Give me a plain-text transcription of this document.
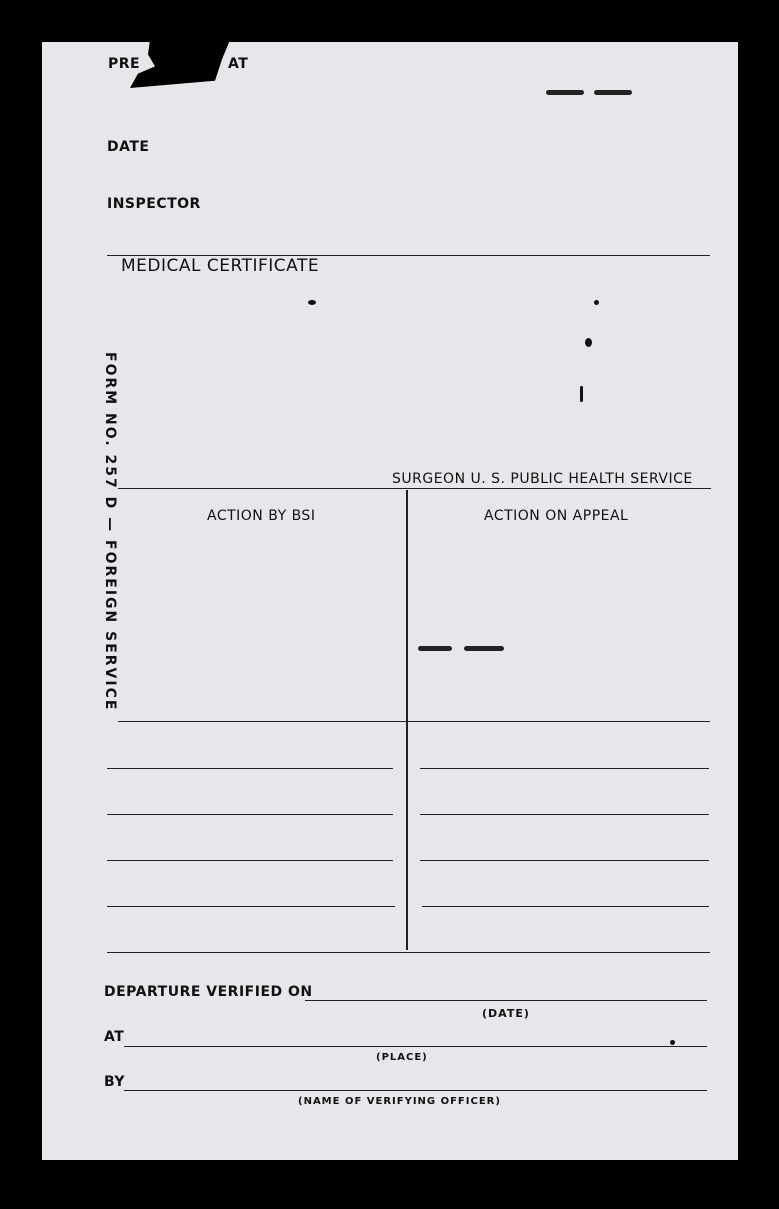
PRE	AT
DATE
INSPECTOR
MEDICAL CERTIFICATE
SURGEON U. S. PUBLIC HEALTH SERVICE
FORM NO. 257 D — FOREIGN SERVICE	ACTION BY BSI	ACTION ON APPEAL
DEPARTURE VERIFIED ON
(DATE)
AT
(PLACE)
BY
(NAME OF VERIFYING OFFICER)
